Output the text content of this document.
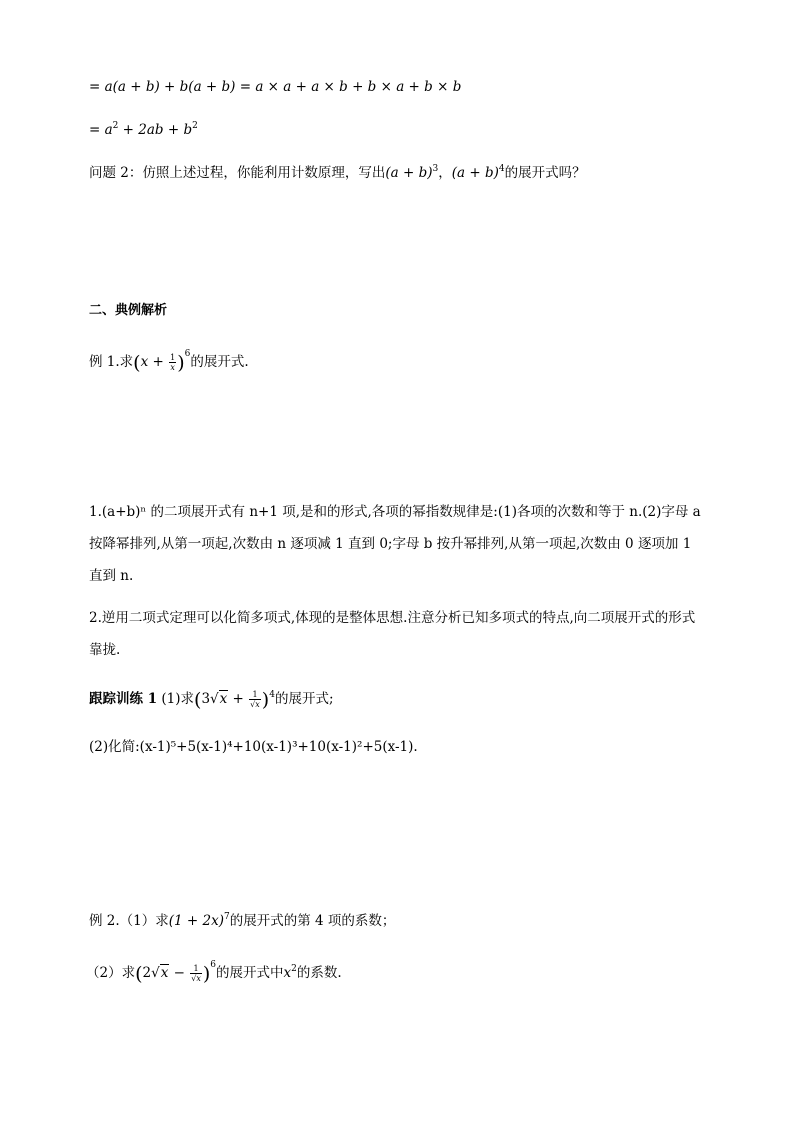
= a(a + b) + b(a + b) = a × a + a × b + b × a + b × b
= $a^2 + 2ab + b^2$
问题 2：仿照上述过程，你能利用计数原理，写出$(a + b)^3$，$(a + b)^4$的展开式吗？
二、典例解析
例 1.求$(x + \frac{1}{x} )^6$的展开式.
1.(a+b)ⁿ 的二项展开式有 n+1 项,是和的形式,各项的幂指数规律是:(1)各项的次数和等于 n.(2)字母 a 按降幂排列,从第一项起,次数由 n 逐项减 1 直到 0;字母 b 按升幂排列,从第一项起,次数由 0 逐项加 1 直到 n.
2.逆用二项式定理可以化简多项式,体现的是整体思想.注意分析已知多项式的特点,向二项展开式的形式靠拢.
跟踪训练 1 (1)求$(3√x + \frac{1}{√x} )^4$的展开式;
(2)化简:(x-1)⁵+5(x-1)⁴+10(x-1)³+10(x-1)²+5(x-1).
例 2.（1）求$(1 + 2x)^7$的展开式的第 4 项的系数；
（2）求$(2√x - \frac{1}{√x} )^6$的展开式中$x^2$的系数.
